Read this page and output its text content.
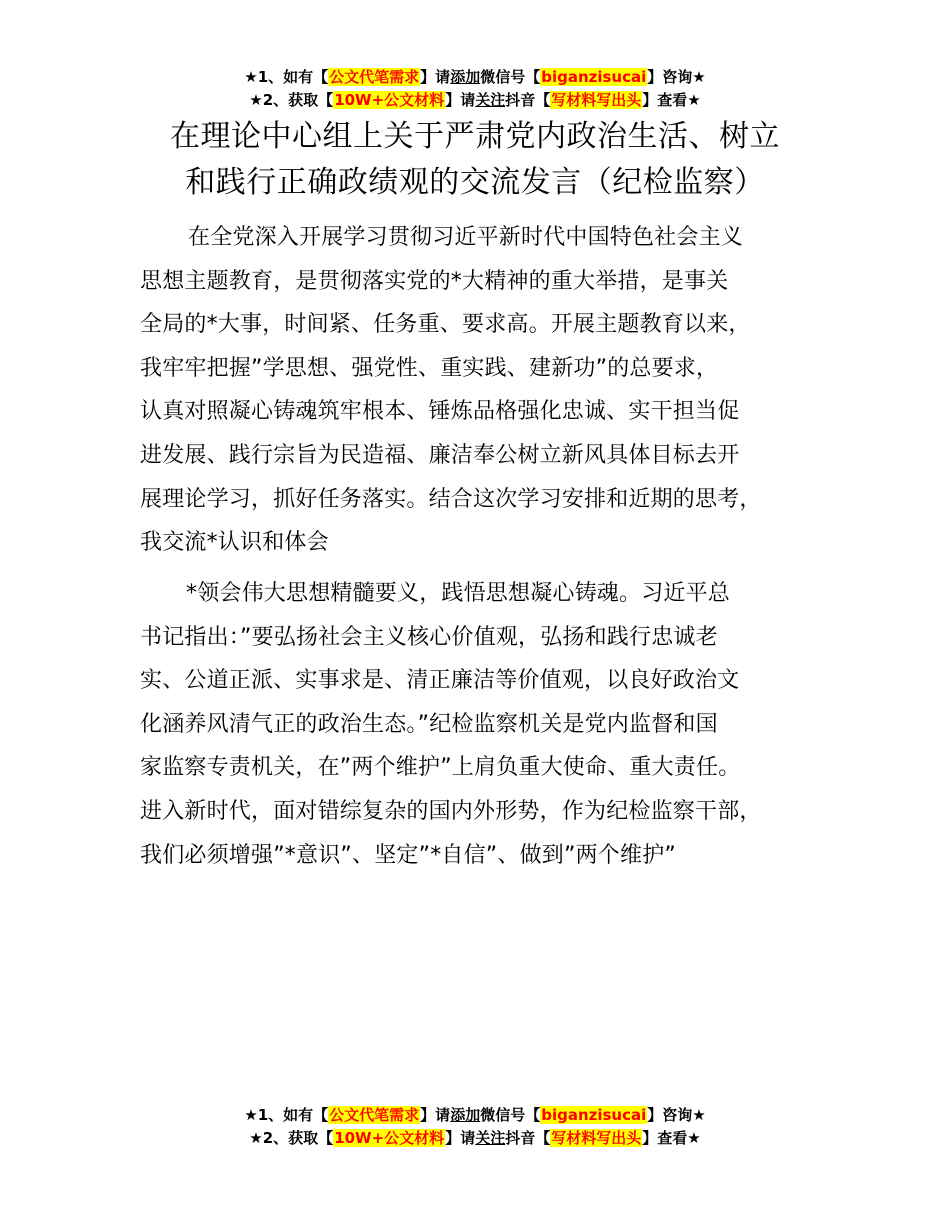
★1、如有【公文代笔需求】请添加微信号【biganzisucai】咨询★
★2、获取【10W+公文材料】请关注抖音【写材料写出头】查看★
在理论中心组上关于严肃党内政治生活、树立
和践行正确政绩观的交流发言（纪检监察）
在全党深入开展学习贯彻习近平新时代中国特色社会主义
思想主题教育，是贯彻落实党的*大精神的重大举措，是事关
全局的*大事，时间紧、任务重、要求高。开展主题教育以来，
我牢牢把握”学思想、强党性、重实践、建新功”的总要求，
认真对照凝心铸魂筑牢根本、锤炼品格强化忠诚、实干担当促
进发展、践行宗旨为民造福、廉洁奉公树立新风具体目标去开
展理论学习，抓好任务落实。结合这次学习安排和近期的思考，
我交流*认识和体会
*领会伟大思想精髓要义，践悟思想凝心铸魂。习近平总
书记指出：”要弘扬社会主义核心价值观，弘扬和践行忠诚老
实、公道正派、实事求是、清正廉洁等价值观，以良好政治文
化涵养风清气正的政治生态。”纪检监察机关是党内监督和国
家监察专责机关，在”两个维护”上肩负重大使命、重大责任。
进入新时代，面对错综复杂的国内外形势，作为纪检监察干部，
我们必须增强”*意识”、坚定”*自信”、做到”两个维护”
★1、如有【公文代笔需求】请添加微信号【biganzisucai】咨询★
★2、获取【10W+公文材料】请关注抖音【写材料写出头】查看★
